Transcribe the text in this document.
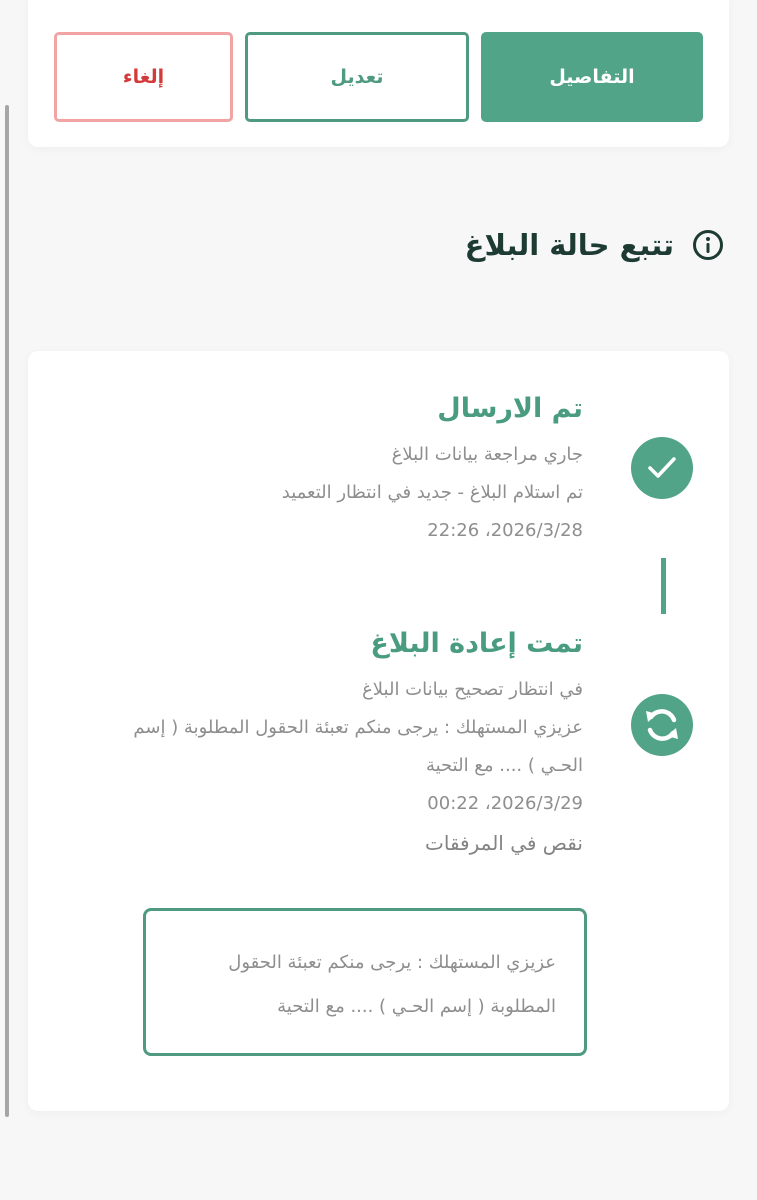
التفاصيل
تعديل
إلغاء
تتبع حالة البلاغ
تم الارسال
جاري مراجعة بيانات البلاغ
تم استلام البلاغ - جديد في انتظار التعميد
2026/3/28، 22:26
تمت إعادة البلاغ
في انتظار تصحيح بيانات البلاغ
عزيزي المستهلك : يرجى منكم تعبئة الحقول المطلوبة ( إسم
الحـي ) .... مع التحية
2026/3/29، 00:22
نقص في المرفقات
عزيزي المستهلك : يرجى منكم تعبئة الحقول
المطلوبة ( إسم الحـي ) .... مع التحية
